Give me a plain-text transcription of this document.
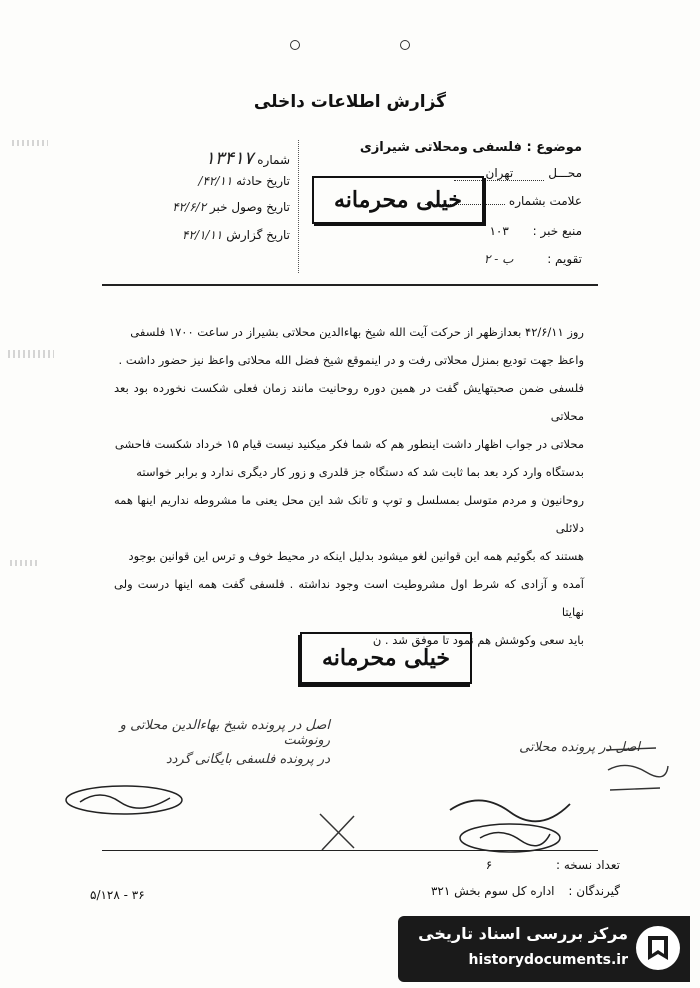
گزارش اطلاعات داخلی
موضوع : فلسفی ومحلاتی شیرازی
محـــل تهران
علامت بشماره
منبع خبر : ۱۰۳
تقویم : ب - ۲
شماره ۱۳۴۱۷
تاریخ حادثه ۴۲/۱۱/
تاریخ وصول خبر ۴۲/۶/۲
تاریخ گزارش ۴۲/۱/۱۱
خیلی محرمانه

روز ۴۲/۶/۱۱ بعدازظهر از حرکت آیت الله شیخ بهاءالدین محلاتی بشیراز در ساعت ۱۷۰۰ فلسفی

واعظ جهت تودیع بمنزل محلاتی رفت و در اینموقع شیخ فضل الله محلاتی واعظ نیز حضور داشت .

فلسفی ضمن صحبتهایش گفت در همین دوره روحانیت مانند زمان فعلی شکست نخورده بود بعد محلاتی

محلاتی در جواب اظهار داشت اینطور هم که شما فکر میکنید نیست قیام ۱۵ خرداد شکست فاحشی

بدستگاه وارد کرد بعد بما ثابت شد که دستگاه جز قلدری و زور کار دیگری ندارد و برابر خواسته

روحانیون و مردم متوسل بمسلسل و توپ و تانک شد این محل یعنی ما مشروطه نداریم اینها همه دلائلی

هستند که بگوئیم همه این قوانین لغو میشود بدلیل اینکه در محیط خوف و ترس این قوانین بوجود

آمده و آزادی که شرط اول مشروطیت است وجود نداشته . فلسفی گفت همه اینها درست ولی نهایتا

باید سعی وکوشش هم نمود تا موفق شد . ن

خیلی محرمانه
اصل در پرونده شیخ بهاءالدین محلاتی و رونوشت
در پرونده فلسفی بایگانی گردد
اصل در پرونده محلاتی
تعداد نسخه : ۶
گیرندگان : اداره کل سوم بخش ۳۲۱
۵/۱۲۸ - ۳۶
مرکز بررسی اسناد تاریخی
historydocuments.ir
